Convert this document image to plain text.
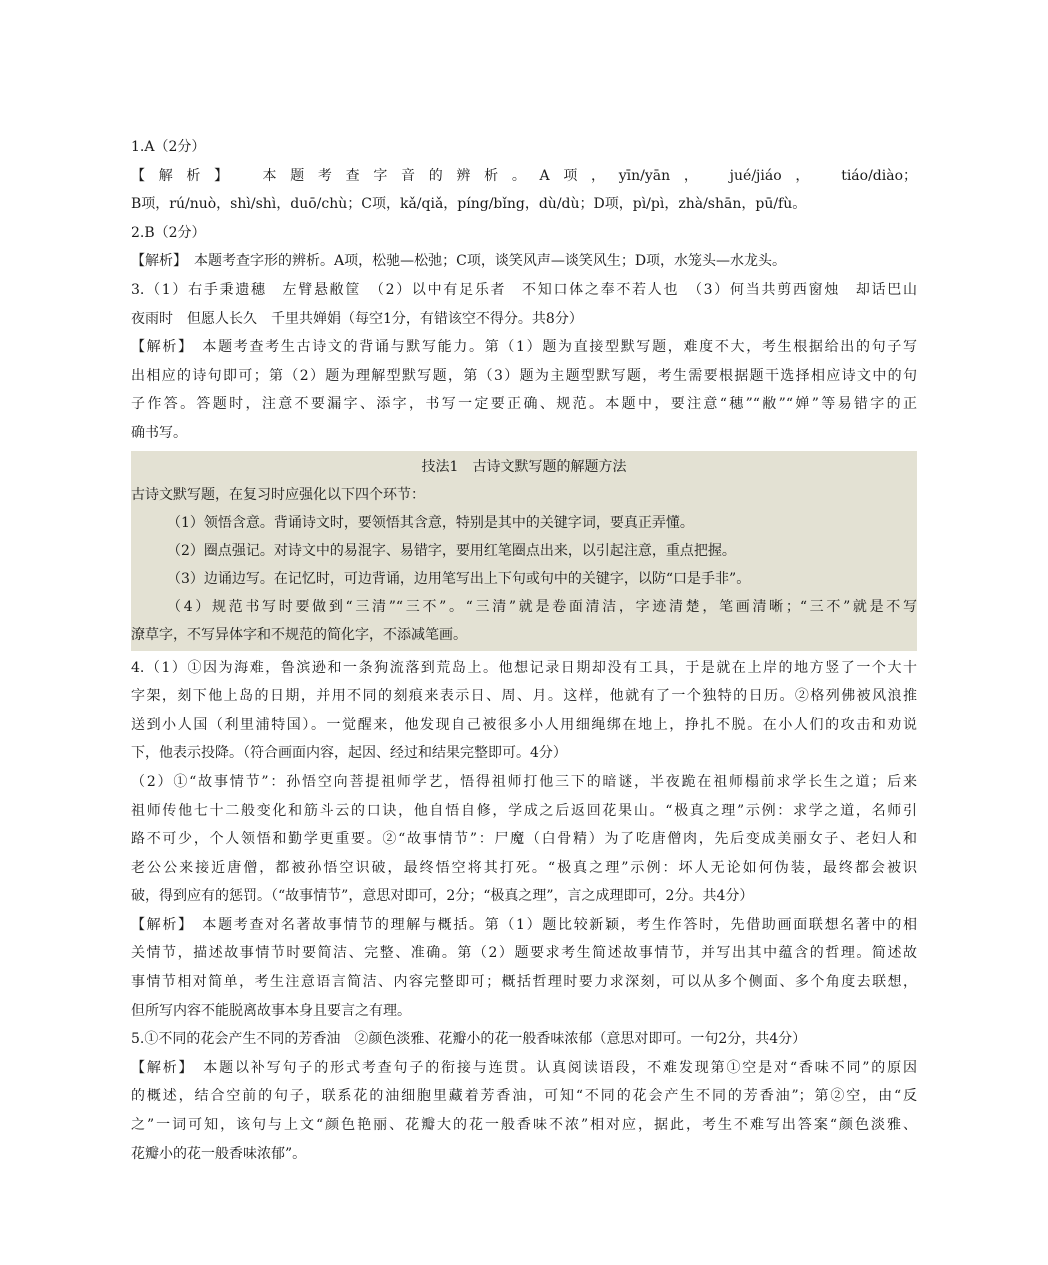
1.A（2分）
【解析】　 本题考查字音的辨析。A项，yīn/yān， jué/jiáo， tiáo/diào；
B项，rú/nuò，shì/shì，duō/chù；C项，kǎ/qiǎ，píng/bǐng，dù/dù；D项，pì/pì，zhà/shān，pū/fù。
2.B（2分）
【解析】　 本题考查字形的辨析。A项，松驰—松弛；C项，谈笑风声—谈笑风生；D项，水笼头—水龙头。
3.（1）右手秉遗穗　左臂悬敝筐　（2）以中有足乐者　不知口体之奉不若人也　（3）何当共剪西窗烛　却话巴山
夜雨时　但愿人长久　千里共婵娟（每空1分，有错该空不得分。共8分）
【解析】　 本题考查考生古诗文的背诵与默写能力。第（1）题为直接型默写题，难度不大，考生根据给出的句子写
出相应的诗句即可；第（2）题为理解型默写题，第（3）题为主题型默写题，考生需要根据题干选择相应诗文中的句
子作答。答题时，注意不要漏字、添字，书写一定要正确、规范。本题中，要注意“穗”“敝”“婵”等易错字的正
确书写。
技法1　古诗文默写题的解题方法
古诗文默写题，在复习时应强化以下四个环节：
（1）领悟含意。背诵诗文时，要领悟其含意，特别是其中的关键字词，要真正弄懂。
（2）圈点强记。对诗文中的易混字、易错字，要用红笔圈点出来，以引起注意，重点把握。
（3）边诵边写。在记忆时，可边背诵，边用笔写出上下句或句中的关键字，以防“口是手非”。
（4）规范书写时要做到“三清”“三不”。“三清”就是卷面清洁，字迹清楚，笔画清晰；“三不”就是不写
潦草字，不写异体字和不规范的简化字，不添减笔画。
4.（1）①因为海难，鲁滨逊和一条狗流落到荒岛上。他想记录日期却没有工具，于是就在上岸的地方竖了一个大十
字架，刻下他上岛的日期，并用不同的刻痕来表示日、周、月。这样，他就有了一个独特的日历。②格列佛被风浪推
送到小人国（利里浦特国）。一觉醒来，他发现自己被很多小人用细绳绑在地上，挣扎不脱。在小人们的攻击和劝说
下，他表示投降。（符合画面内容，起因、经过和结果完整即可。4分）
（2）①“故事情节”：孙悟空向菩提祖师学艺，悟得祖师打他三下的暗谜，半夜跪在祖师榻前求学长生之道；后来
祖师传他七十二般变化和筋斗云的口诀，他自悟自修，学成之后返回花果山。“极真之理”示例：求学之道，名师引
路不可少，个人领悟和勤学更重要。②“故事情节”：尸魔（白骨精）为了吃唐僧肉，先后变成美丽女子、老妇人和
老公公来接近唐僧，都被孙悟空识破，最终悟空将其打死。“极真之理”示例：坏人无论如何伪装，最终都会被识
破，得到应有的惩罚。（“故事情节”，意思对即可，2分；“极真之理”，言之成理即可，2分。共4分）
【解析】　 本题考查对名著故事情节的理解与概括。第（1）题比较新颖，考生作答时，先借助画面联想名著中的相
关情节，描述故事情节时要简洁、完整、准确。第（2）题要求考生简述故事情节，并写出其中蕴含的哲理。简述故
事情节相对简单，考生注意语言简洁、内容完整即可；概括哲理时要力求深刻，可以从多个侧面、多个角度去联想，
但所写内容不能脱离故事本身且要言之有理。
5.①不同的花会产生不同的芳香油　②颜色淡雅、花瓣小的花一般香味浓郁（意思对即可。一句2分，共4分）
【解析】　 本题以补写句子的形式考查句子的衔接与连贯。认真阅读语段，不难发现第①空是对“香味不同”的原因
的概述，结合空前的句子，联系花的油细胞里藏着芳香油，可知“不同的花会产生不同的芳香油”；第②空，由“反
之”一词可知，该句与上文“颜色艳丽、花瓣大的花一般香味不浓”相对应，据此，考生不难写出答案“颜色淡雅、
花瓣小的花一般香味浓郁”。
